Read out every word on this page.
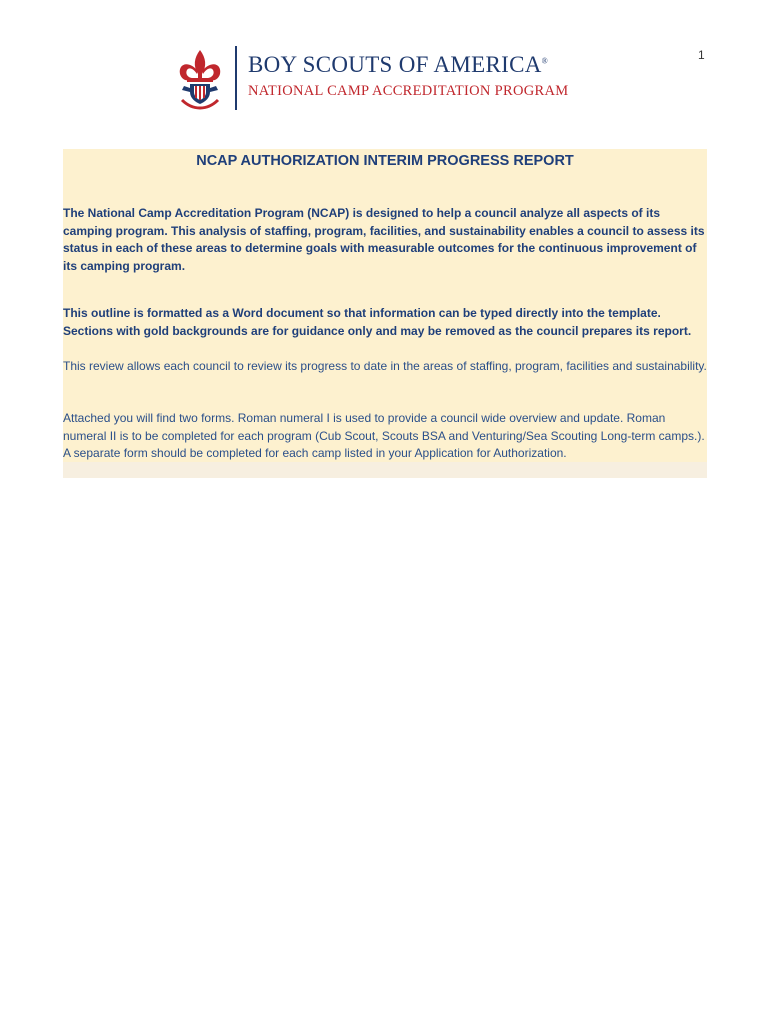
1
BOY SCOUTS OF AMERICA®
NATIONAL CAMP ACCREDITATION PROGRAM
NCAP AUTHORIZATION INTERIM PROGRESS REPORT
The National Camp Accreditation Program (NCAP) is designed to help a council analyze all aspects of its camping program. This analysis of staffing, program, facilities, and sustainability enables a council to assess its status in each of these areas to determine goals with measurable outcomes for the continuous improvement of its camping program.
This outline is formatted as a Word document so that information can be typed directly into the template. Sections with gold backgrounds are for guidance only and may be removed as the council prepares its report.
This review allows each council to review its progress to date in the areas of staffing, program, facilities and sustainability.
Attached you will find two forms. Roman numeral I is used to provide a council wide overview and update. Roman numeral II is to be completed for each program (Cub Scout, Scouts BSA and Venturing/Sea Scouting Long-term camps.). A separate form should be completed for each camp listed in your Application for Authorization.
